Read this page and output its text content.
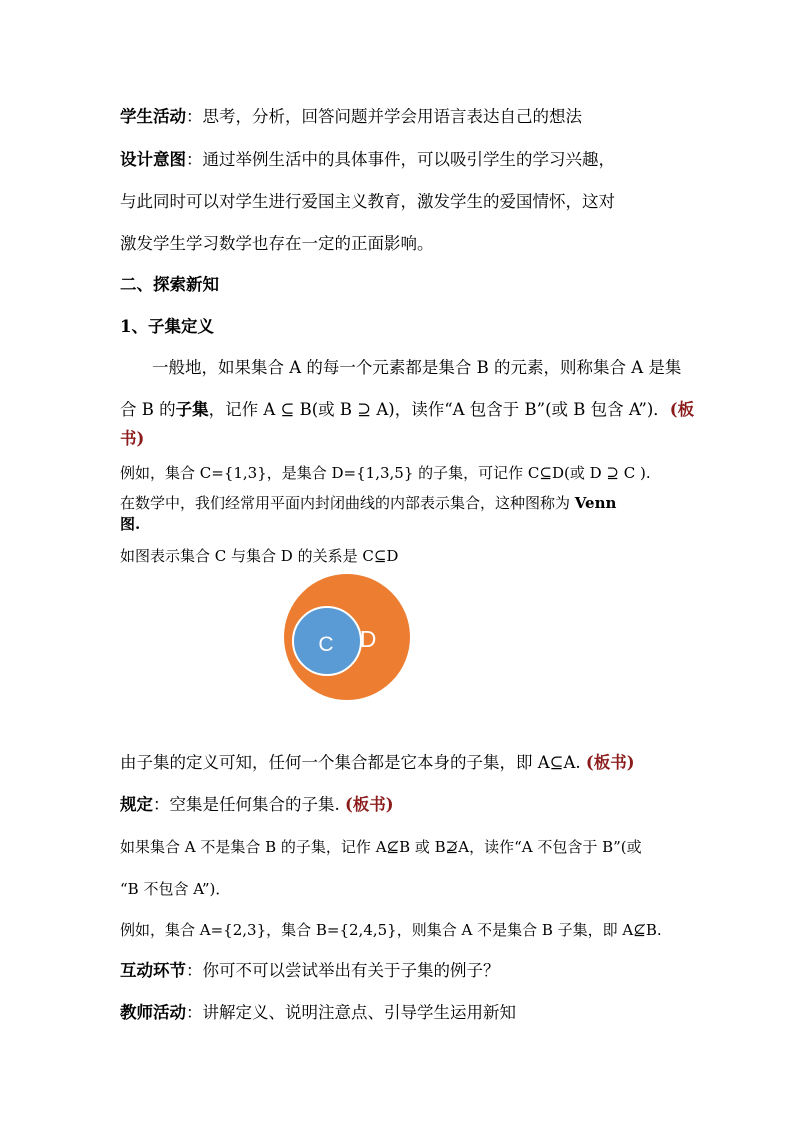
学生活动：思考，分析，回答问题并学会用语言表达自己的想法
设计意图：通过举例生活中的具体事件，可以吸引学生的学习兴趣，
与此同时可以对学生进行爱国主义教育，激发学生的爱国情怀，这对
激发学生学习数学也存在一定的正面影响。
二、探索新知
1、子集定义
一般地，如果集合 A 的每一个元素都是集合 B 的元素，则称集合 A 是集
合 B 的子集，记作 A ⊆ B(或 B ⊇ A)，读作“A 包含于 B”(或 B 包含 A”)．(板
书)
例如，集合 C={1,3}，是集合 D={1,3,5} 的子集，可记作 C⊆D(或 D ⊇ C ).
在数学中，我们经常用平面内封闭曲线的内部表示集合，这种图称为 Venn
图.
如图表示集合 C 与集合 D 的关系是 C⊆D
C D
由子集的定义可知，任何一个集合都是它本身的子集，即 A⊆A. (板书)
规定：空集是任何集合的子集. (板书)
如果集合 A 不是集合 B 的子集，记作 A⊈B 或 B⊉A，读作“A 不包含于 B”(或
“B 不包含 A”)．
例如，集合 A={2,3}，集合 B={2,4,5}，则集合 A 不是集合 B 子集，即 A⊈B.
互动环节：你可不可以尝试举出有关于子集的例子？
教师活动：讲解定义、说明注意点、引导学生运用新知
